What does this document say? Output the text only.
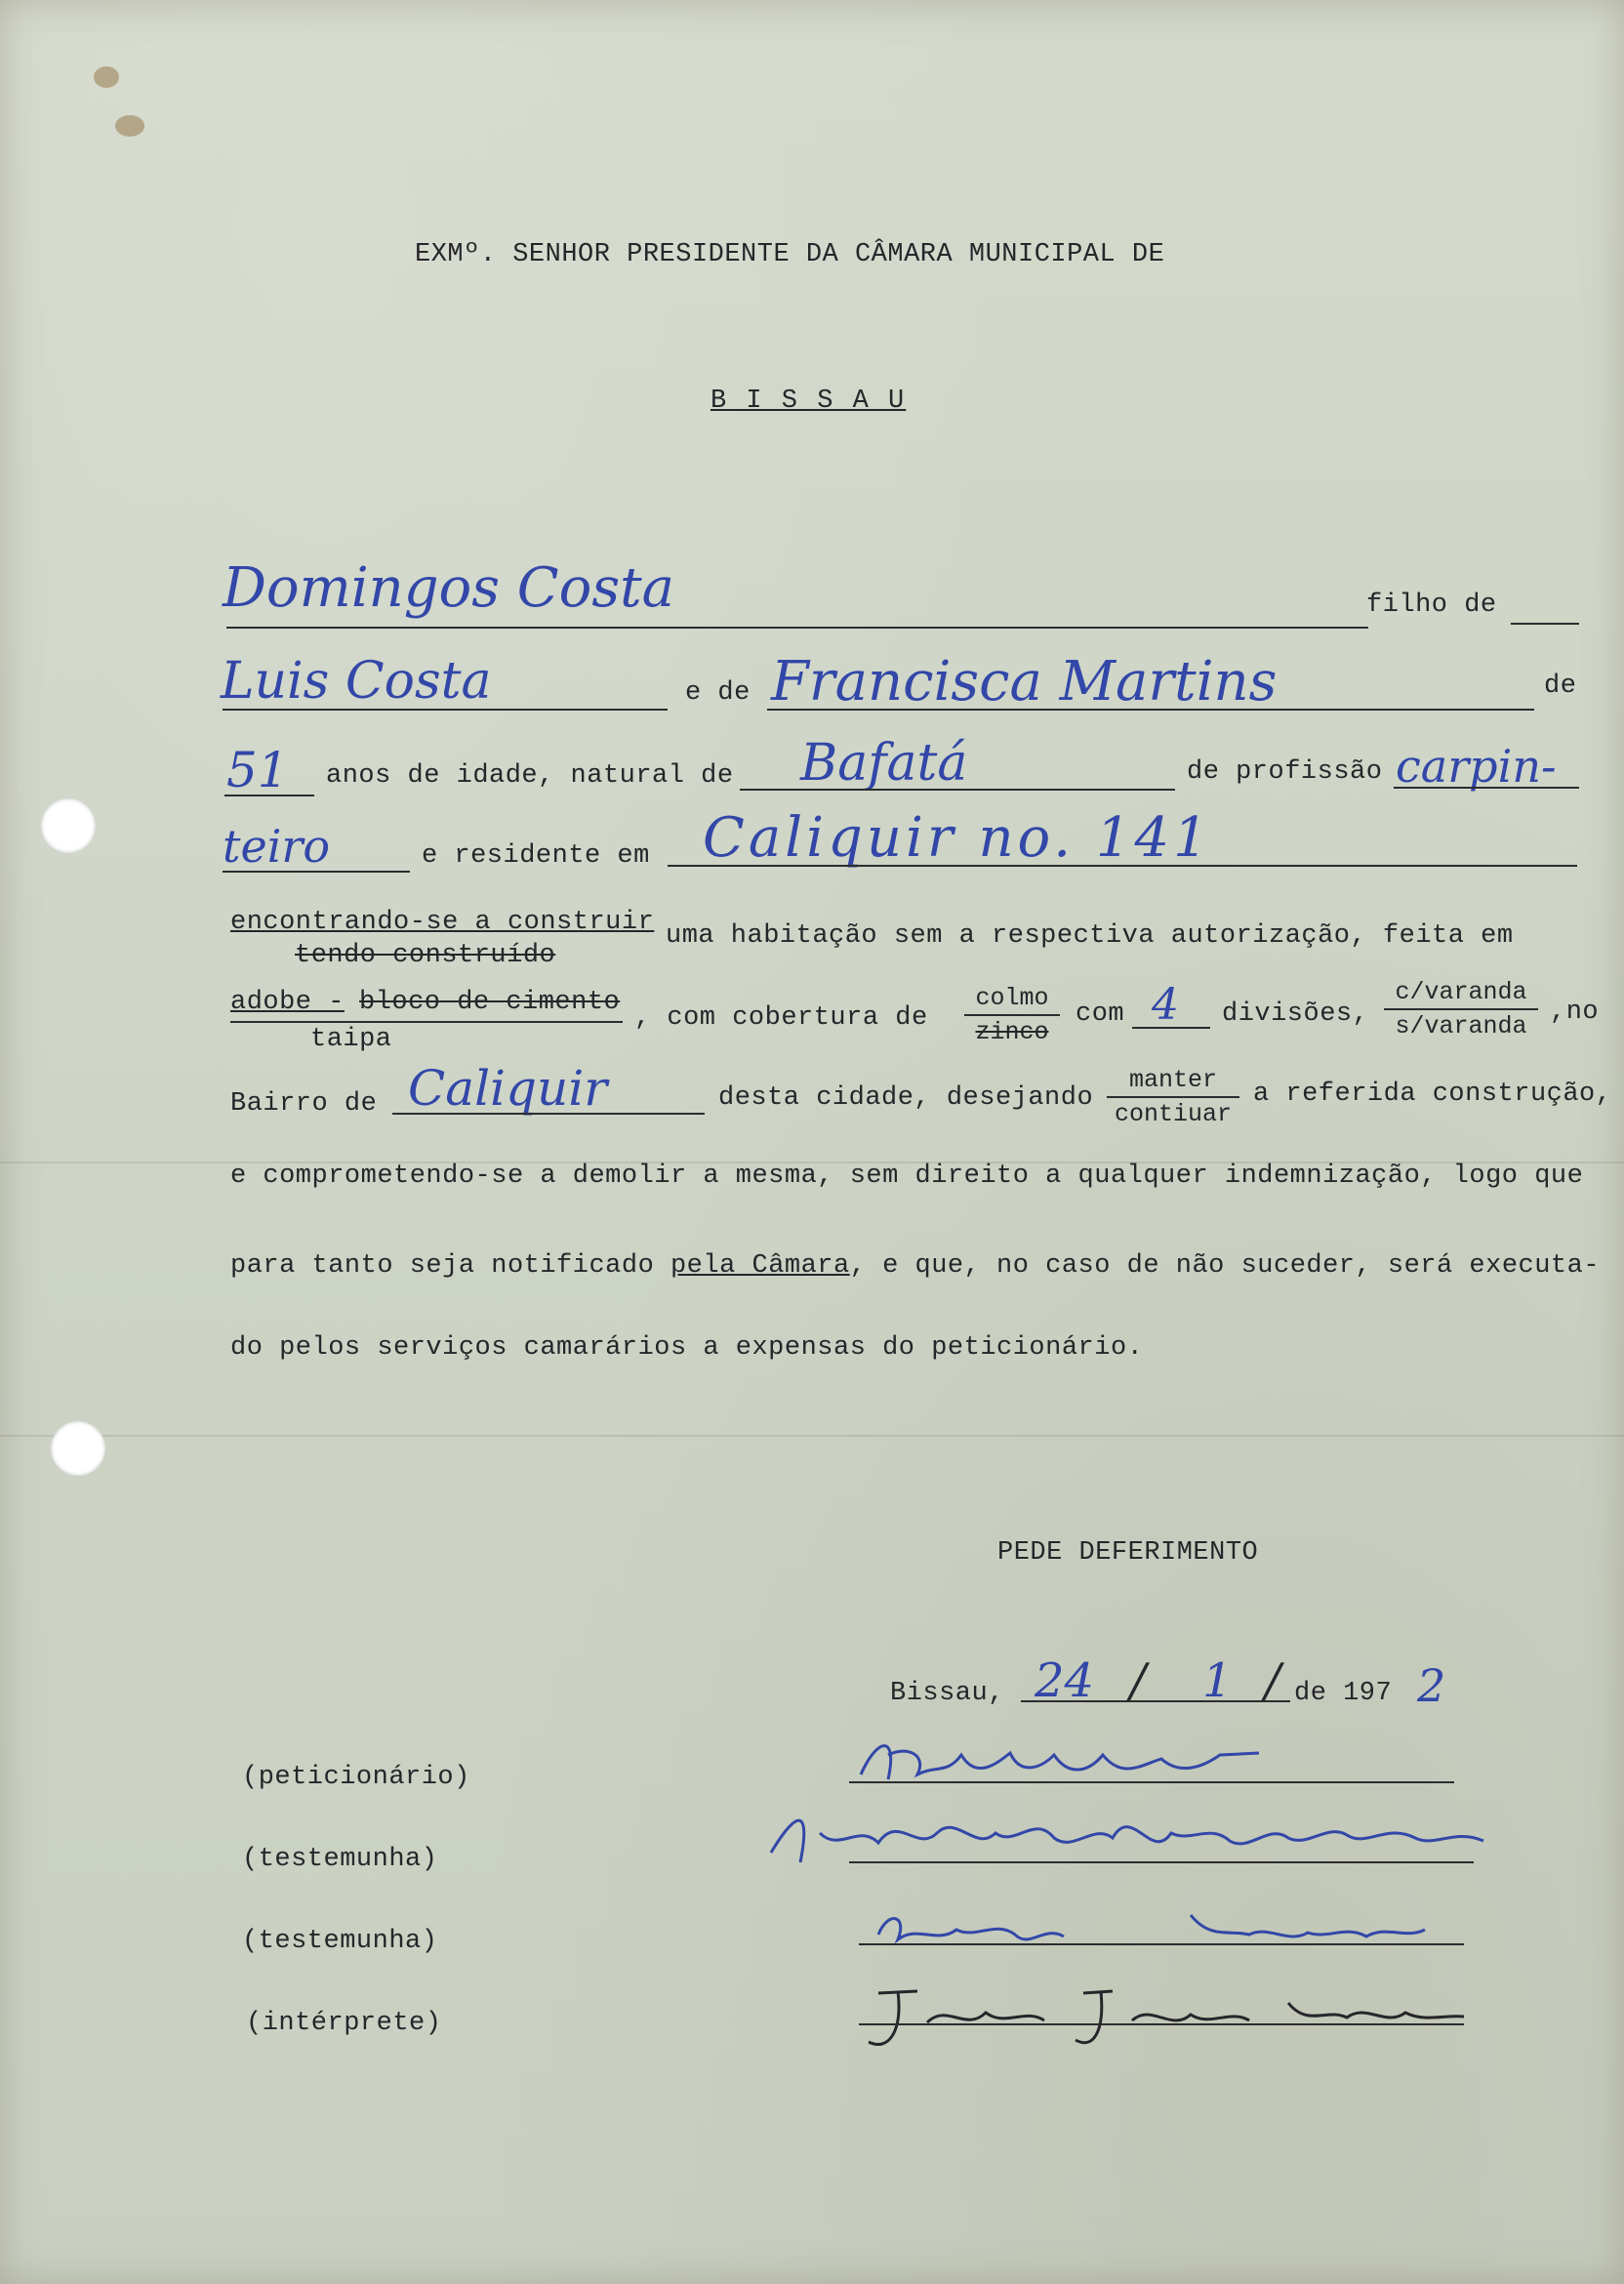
EXMº. SENHOR PRESIDENTE DA CÂMARA MUNICIPAL DE
B I S S A U
Domingos Costa	filho de
Luis Costa	e de Francisca Martins	de
51 anos de idade, natural de Bafatá	de profissão carpin-
teiro	e residente em Caliquir no. 141
encontrando-se a construir
tendo construído
uma habitação sem a respectiva autorização, feita em
adobe - bloco de cimento
taipa
, com cobertura de
colmo
zinco
com 4 divisões,
c/varanda
s/varanda ,no
Bairro de Caliquir	desta cidade, desejando
manter
contiuar
a referida construção,
e comprometendo-se a demolir a mesma, sem direito a qualquer indemnização, logo que
para tanto seja notificado pela Câmara, e que, no caso de não suceder, será executa-
do pelos serviços camarários a expensas do peticionário.
PEDE DEFERIMENTO
Bissau, 24 / 1 / de 197 2
(peticionário)
(testemunha)
(testemunha)
(intérprete)
